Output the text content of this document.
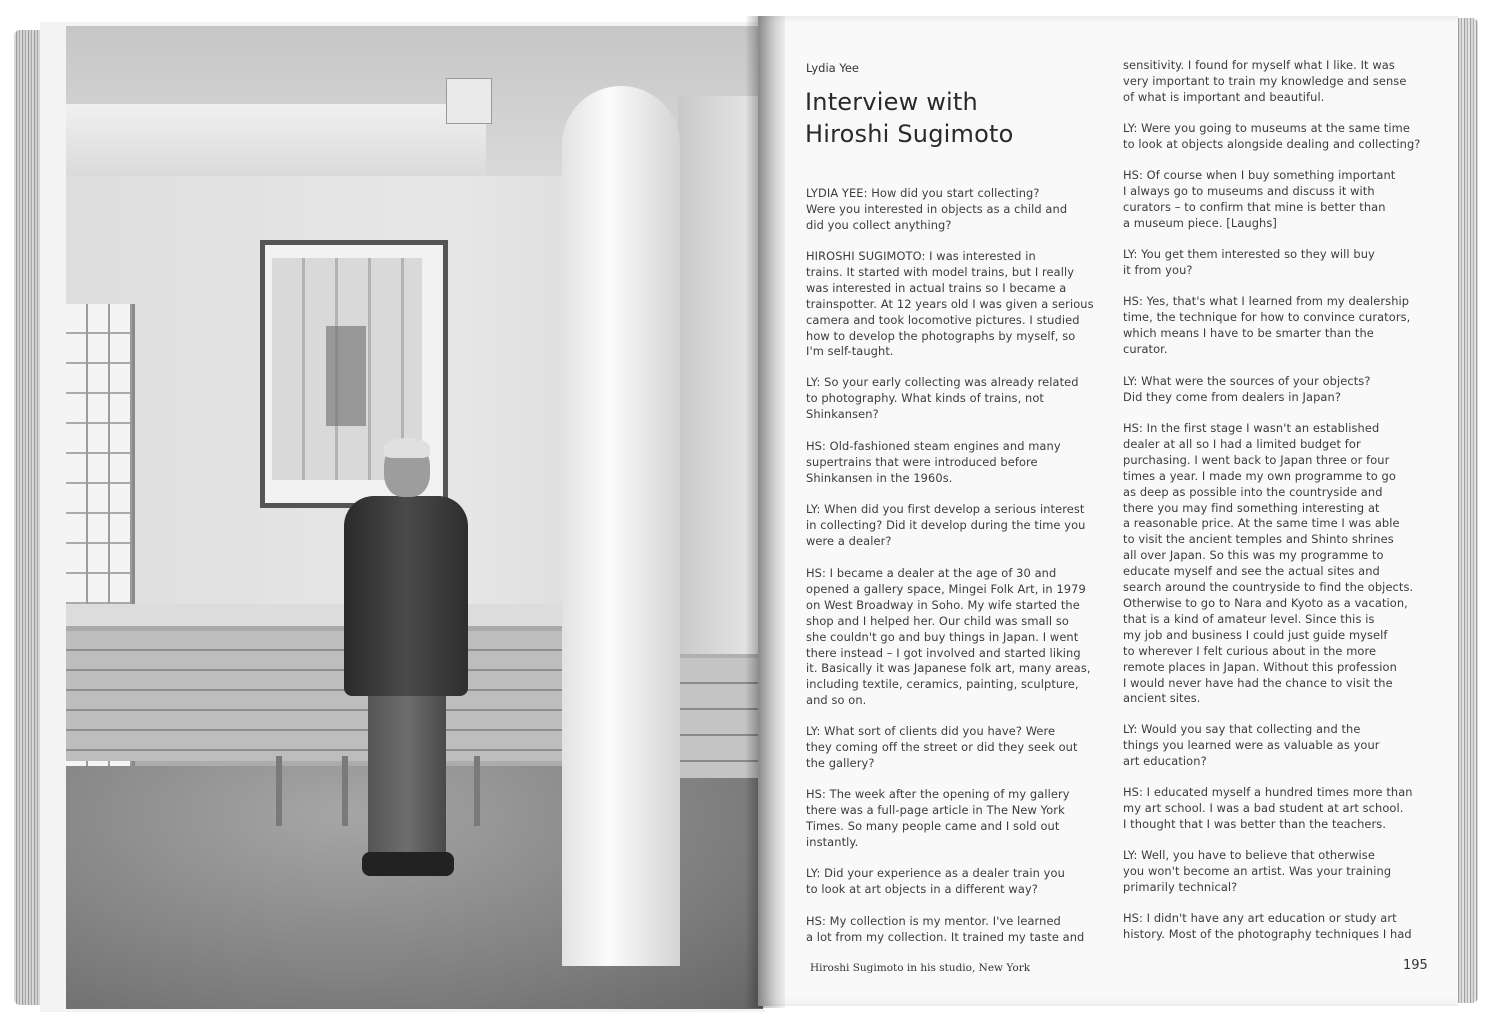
Lydia Yee

Interview with
Hiroshi Sugimoto

LYDIA YEE: How did you start collecting?
Were you interested in objects as a child and
did you collect anything?

HIROSHI SUGIMOTO: I was interested in
trains. It started with model trains, but I really
was interested in actual trains so I became a
trainspotter. At 12 years old I was given a serious
camera and took locomotive pictures. I studied
how to develop the photographs by myself, so
I'm self-taught.

LY: So your early collecting was already related
to photography. What kinds of trains, not
Shinkansen?

HS: Old-fashioned steam engines and many
supertrains that were introduced before
Shinkansen in the 1960s.

LY: When did you first develop a serious interest
in collecting? Did it develop during the time you
were a dealer?

HS: I became a dealer at the age of 30 and
opened a gallery space, Mingei Folk Art, in 1979
on West Broadway in Soho. My wife started the
shop and I helped her. Our child was small so
she couldn't go and buy things in Japan. I went
there instead – I got involved and started liking
it. Basically it was Japanese folk art, many areas,
including textile, ceramics, painting, sculpture,
and so on.

LY: What sort of clients did you have? Were
they coming off the street or did they seek out
the gallery?

HS: The week after the opening of my gallery
there was a full-page article in The New York
Times. So many people came and I sold out
instantly.

LY: Did your experience as a dealer train you
to look at art objects in a different way?

HS: My collection is my mentor. I've learned
a lot from my collection. It trained my taste and

sensitivity. I found for myself what I like. It was
very important to train my knowledge and sense
of what is important and beautiful.

LY: Were you going to museums at the same time
to look at objects alongside dealing and collecting?

HS: Of course when I buy something important
I always go to museums and discuss it with
curators – to confirm that mine is better than
a museum piece. [Laughs]

LY: You get them interested so they will buy
it from you?

HS: Yes, that's what I learned from my dealership
time, the technique for how to convince curators,
which means I have to be smarter than the
curator.

LY: What were the sources of your objects?
Did they come from dealers in Japan?

HS: In the first stage I wasn't an established
dealer at all so I had a limited budget for
purchasing. I went back to Japan three or four
times a year. I made my own programme to go
as deep as possible into the countryside and
there you may find something interesting at
a reasonable price. At the same time I was able
to visit the ancient temples and Shinto shrines
all over Japan. So this was my programme to
educate myself and see the actual sites and
search around the countryside to find the objects.
Otherwise to go to Nara and Kyoto as a vacation,
that is a kind of amateur level. Since this is
my job and business I could just guide myself
to wherever I felt curious about in the more
remote places in Japan. Without this profession
I would never have had the chance to visit the
ancient sites.

LY: Would you say that collecting and the
things you learned were as valuable as your
art education?

HS: I educated myself a hundred times more than
my art school. I was a bad student at art school.
I thought that I was better than the teachers.

LY: Well, you have to believe that otherwise
you won't become an artist. Was your training
primarily technical?

HS: I didn't have any art education or study art
history. Most of the photography techniques I had

Hiroshi Sugimoto in his studio, New York	195
